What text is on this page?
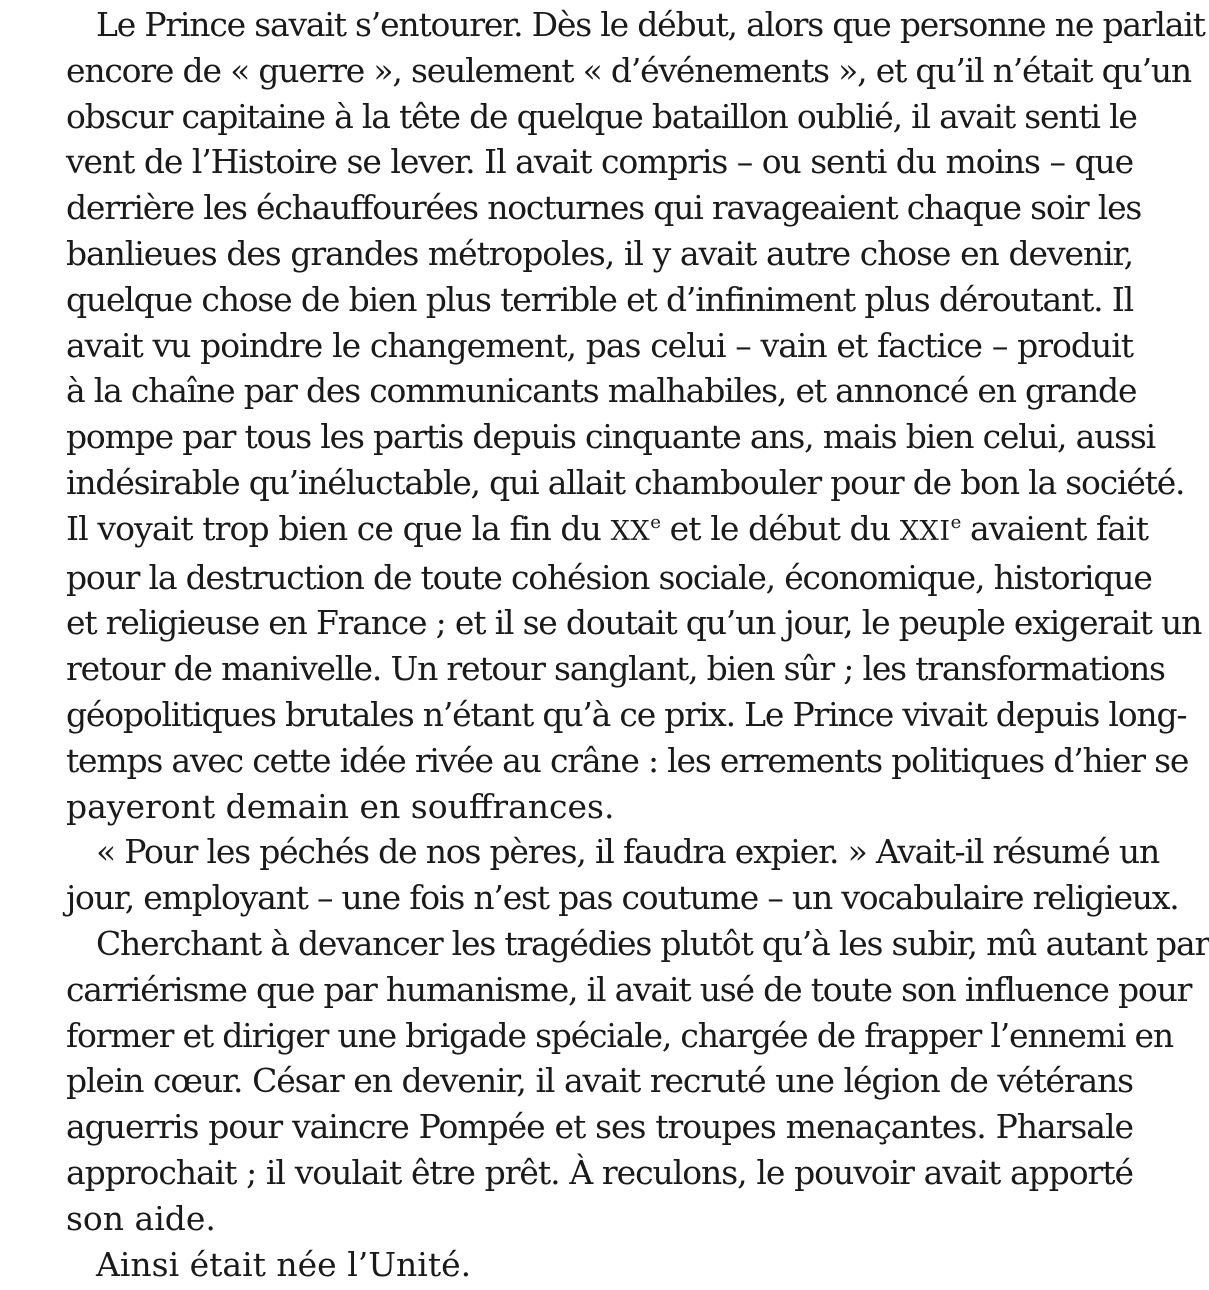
Le Prince savait s’entourer. Dès le début, alors que personne ne parlait
encore de « guerre », seulement « d’événements », et qu’il n’était qu’un
obscur capitaine à la tête de quelque bataillon oublié, il avait senti le
vent de l’Histoire se lever. Il avait compris – ou senti du moins – que
derrière les échauffourées nocturnes qui ravageaient chaque soir les
banlieues des grandes métropoles, il y avait autre chose en devenir,
quelque chose de bien plus terrible et d’infiniment plus déroutant. Il
avait vu poindre le changement, pas celui – vain et factice – produit
à la chaîne par des communicants malhabiles, et annoncé en grande
pompe par tous les partis depuis cinquante ans, mais bien celui, aussi
indésirable qu’inéluctable, qui allait chambouler pour de bon la société.
Il voyait trop bien ce que la fin du XXe et le début du XXIe avaient fait
pour la destruction de toute cohésion sociale, économique, historique
et religieuse en France ; et il se doutait qu’un jour, le peuple exigerait un
retour de manivelle. Un retour sanglant, bien sûr ; les transformations
géopolitiques brutales n’étant qu’à ce prix. Le Prince vivait depuis long-
temps avec cette idée rivée au crâne : les errements politiques d’hier se
payeront demain en souffrances.
« Pour les péchés de nos pères, il faudra expier. » Avait-il résumé un
jour, employant – une fois n’est pas coutume – un vocabulaire religieux.
Cherchant à devancer les tragédies plutôt qu’à les subir, mû autant par
carriérisme que par humanisme, il avait usé de toute son influence pour
former et diriger une brigade spéciale, chargée de frapper l’ennemi en
plein cœur. César en devenir, il avait recruté une légion de vétérans
aguerris pour vaincre Pompée et ses troupes menaçantes. Pharsale
approchait ; il voulait être prêt. À reculons, le pouvoir avait apporté
son aide.
Ainsi était née l’Unité.
